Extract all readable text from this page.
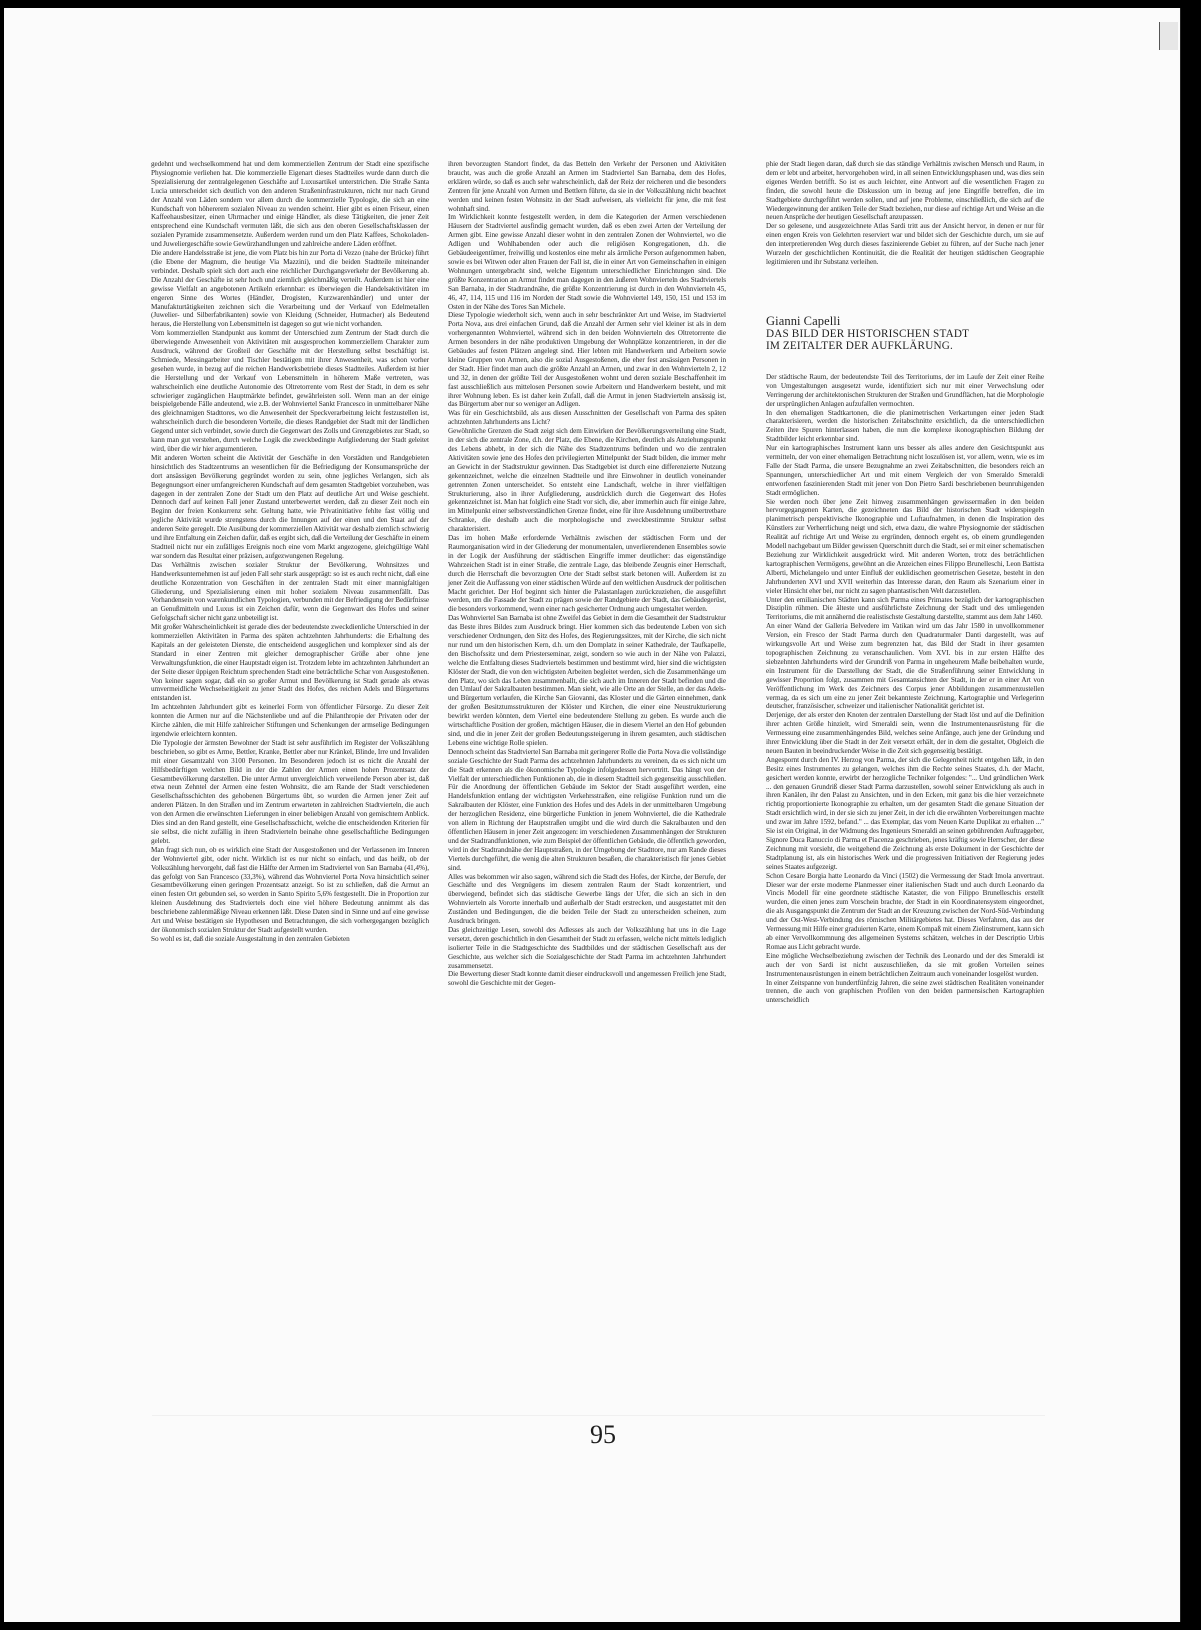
gedehnt und wechselkommend hat und dem kommerziellen Zentrum der Stadt eine spezifische Physiognomie verliehen hat. Die kommerzielle Eigenart dieses Stadtteiles wurde dann durch die Spezialisierung der zentralgelegenen Geschäfte auf Luxusartikel unterstrichen. Die Straße Santa Lucia unterscheidet sich deutlich von den anderen Straßeninfrastrukturen, nicht nur nach Grund der Anzahl von Läden sondern vor allem durch die kommerzielle Typologie, die sich an eine Kundschaft von höhererem sozialen Niveau zu wenden scheint. Hier gibt es einen Friseur, einen Kaffeehausbesitzer, einen Uhrmacher und einige Händler, als diese Tätigkeiten, die jener Zeit entsprechend eine Kundschaft vermuten läßt, die sich aus den oberen Gesellschaftsklassen der sozialen Pyramide zusammensetzte. Außerdem werden rund um den Platz Kaffees, Schokoladen- und Juweliergeschäfte sowie Gewürzhandlungen und zahlreiche andere Läden eröffnet.

Die andere Handelsstraße ist jene, die vom Platz bis hin zur Porta di Vezzo (nahe der Brücke) führt (die Ebene der Magnum, die heutige Via Mazzini), und die beiden Stadtteile miteinander verbindet. Deshalb spielt sich dort auch eine reichlicher Durchgangsverkehr der Bevölkerung ab. Die Anzahl der Geschäfte ist sehr hoch und ziemlich gleichmäßig verteilt. Außerdem ist hier eine gewisse Vielfalt an angebotenen Artikeln erkennbar: es überwiegen die Handelsaktivitäten im engeren Sinne des Wortes (Händler, Drogisten, Kurzwarenhändler) und unter der Manufakturtätigkeiten zeichnen sich die Verarbeitung und der Verkauf von Edelmetallen (Juwelier- und Silberfabrikanten) sowie von Kleidung (Schneider, Hutmacher) als Bedeutend heraus, die Herstellung von Lebensmitteln ist dagegen so gut wie nicht vorhanden.

Vom kommerziellen Standpunkt aus kommt der Unterschied zum Zentrum der Stadt durch die überwiegende Anwesenheit von Aktivitäten mit ausgesprochen kommerziellem Charakter zum Ausdruck, während der Großteil der Geschäfte mit der Herstellung selbst beschäftigt ist. Schmiede, Messingarbeiter und Tischler bestätigen mit ihrer Anwesenheit, was schon vorher gesehen wurde, in bezug auf die reichen Handwerksbetriebe dieses Stadtteiles. Außerdem ist hier die Herstellung und der Verkauf von Lebensmitteln in höherem Maße vertreten, was wahrscheinlich eine deutliche Autonomie des Oltretorrente vom Rest der Stadt, in dem es sehr schwieriger zugänglichen Hauptmärkte befindet, gewährleisten soll. Wenn man an der einige beispielgebende Fälle andeutend, wie z.B. der Wohnviertel Sankt Francesco in unmittelbarer Nähe des gleichnamigen Stadttores, wo die Anwesenheit der Speckverarbeitung leicht festzustellen ist, wahrscheinlich durch die besonderen Vorteile, die dieses Randgebiet der Stadt mit der ländlichen Gegend unter sich verbindet, sowie durch die Gegenwart des Zolls und Grenzgebietes zur Stadt, so kann man gut verstehen, durch welche Logik die zweckbedingte Aufgliederung der Stadt geleitet wird, über die wir hier argumentieren.

Mit anderen Worten scheint die Aktivität der Geschäfte in den Vorstädten und Randgebieten hinsichtlich des Stadtzentrums an wesentlichen für die Befriedigung der Konsumansprüche der dort ansässigen Bevölkerung gegründet worden zu sein, ohne jegliches Verlangen, sich als Begegnungsort einer umfangreicheren Kundschaft auf dem gesamten Stadtgebiet vorzuheben, was dagegen in der zentralen Zone der Stadt um den Platz auf deutliche Art und Weise geschieht. Dennoch darf auf keinen Fall jener Zustand unterbewertet werden, daß zu dieser Zeit noch ein Beginn der freien Konkurrenz sehr. Geltung hatte, wie Privatinitiative fehlte fast völlig und jegliche Aktivität wurde strengstens durch die Innungen auf der einen und den Staat auf der anderen Seite geregelt. Die Ausübung der kommerziellen Aktivität war deshalb ziemlich schwierig und ihre Entfaltung ein Zeichen dafür, daß es ergibt sich, daß die Verteilung der Geschäfte in einem Stadtteil nicht nur ein zufälliges Ereignis noch eine vom Markt angezogene, gleichgültige Wahl war sondern das Resultat einer präzisen, aufgezwungenen Regelung.

Das Verhältnis zwischen sozialer Struktur der Bevölkerung, Wohnsitzes und Handwerksunternehmen ist auf jeden Fall sehr stark ausgeprägt: so ist es auch recht nicht, daß eine deutliche Konzentration von Geschäften in der zentralen Stadt mit einer mannigfaltigen Gliederung, und Spezialisierung einen mit hoher sozialem Niveau zusammenfällt. Das Vorhandensein von warenkundlichen Typologien, verbunden mit der Befriedigung der Bedürfnisse an Genußmitteln und Luxus ist ein Zeichen dafür, wenn die Gegenwart des Hofes und seiner Gefolgschaft sicher nicht ganz unbeteiligt ist.

Mit großer Wahrscheinlichkeit ist gerade dies der bedeutendste zweckdienliche Unterschied in der kommerziellen Aktivitäten in Parma des späten achtzehnten Jahrhunderts: die Erhaltung des Kapitals an der geleisteten Dienste, die entscheidend ausgeglichen und komplexer sind als der Standard in einer Zentren mit gleicher demographischer Größe aber ohne jene Verwaltungsfunktion, die einer Hauptstadt eigen ist. Trotzdem lebte im achtzehnten Jahrhundert an der Seite dieser üppigen Reichtum sprechenden Stadt eine beträchtliche Schar von Ausgestoßenen. Von keiner sagen sogar, daß ein so großer Armut und Bevölkerung ist Stadt gerade als etwas umvermeidliche Wechselseitigkeit zu jener Stadt des Hofes, des reichen Adels und Bürgertums entstanden ist.

Im achtzehnten Jahrhundert gibt es keinerlei Form von öffentlicher Fürsorge. Zu dieser Zeit konnten die Armen nur auf die Nächstenliebe und auf die Philanthropie der Privaten oder der Kirche zählen, die mit Hilfe zahlreicher Stiftungen und Schenkungen der armselige Bedingungen irgendwie erleichtern konnten.

Die Typologie der ärmsten Bewohner der Stadt ist sehr ausführlich im Register der Volkszählung beschrieben, so gibt es Arme, Bettler, Kranke, Bettler aber nur Kränkel, Blinde, Irre und Invaliden mit einer Gesamtzahl von 3100 Personen. Im Besonderen jedoch ist es nicht die Anzahl der Hilfsbedürftigen welchen Bild in der die Zahlen der Armen einen hohen Prozentsatz der Gesamtbevölkerung darstellen. Die unter Armut unvergleichlich verweilende Person aber ist, daß etwa neun Zehntel der Armen eine festen Wohnsitz, die am Rande der Stadt verschiedenen Gesellschaftsschichten des gehobenen Bürgertums übt, so wurden die Armen jener Zeit auf anderen Plätzen. In den Straßen und im Zentrum erwarteten in zahlreichen Stadtvierteln, die auch von den Armen die erwünschten Lieferungen in einer beliebigen Anzahl von gemischtem Anblick. Dies sind an den Rand gestellt, eine Gesellschaftsschicht, welche die entscheidenden Kriterien für sie selbst, die nicht zufällig in ihren Stadtvierteln beinahe ohne gesellschaftliche Bedingungen gelebt.

Man fragt sich nun, ob es wirklich eine Stadt der Ausgestoßenen und der Verlassenen im Inneren der Wohnviertel gibt, oder nicht. Wirklich ist es nur nicht so einfach, und das heißt, ob der Volkszählung hervorgeht, daß fast die Hälfte der Armen im Stadtviertel von San Barnaba (41,4%), das gefolgt von San Francesco (33,3%), während das Wohnviertel Porta Nova hinsichtlich seiner Gesamtbevölkerung einen geringen Prozentsatz anzeigt. So ist zu schließen, daß die Armut an einen festen Ort gebunden sei, so werden in Santo Spirito 5,6% festgestellt. Die in Proportion zur kleinen Ausdehnung des Stadtviertels doch eine viel höhere Bedeutung annimmt als das beschriebene zahlenmäßige Niveau erkennen läßt. Diese Daten sind in Sinne und auf eine gewisse Art und Weise bestätigen sie Hypothesen und Betrachtungen, die sich vorhergegangen bezüglich der ökonomisch sozialen Struktur der Stadt aufgestellt wurden.

So wohl es ist, daß die soziale Ausgestaltung in den zentralen Gebieten

ihren bevorzugten Standort findet, da das Betteln den Verkehr der Personen und Aktivitäten braucht, was auch die große Anzahl an Armen im Stadtviertel San Barnaba, dem des Hofes, erklären würde, so daß es auch sehr wahrscheinlich, daß der Reiz der reicheren und die besonders Zentren für jene Anzahl von Armen und Bettlern führte, da sie in der Volkszählung nicht beachtet werden und keinen festen Wohnsitz in der Stadt aufweisen, als vielleicht für jene, die mit fest wohnhaft sind.

Im Wirklichkeit konnte festgestellt werden, in dem die Kategorien der Armen verschiedenen Häusern der Stadtviertel ausfindig gemacht wurden, daß es eben zwei Arten der Verteilung der Armen gibt. Eine gewisse Anzahl dieser wohnt in den zentralen Zonen der Wohnviertel, wo die Adligen und Wohlhabenden oder auch die religiösen Kongregationen, d.h. die Gebäudeeigentümer, freiwillig und kostenlos eine mehr als ärmliche Person aufgenommen haben, sowie es bei Witwen oder alten Frauen der Fall ist, die in einer Art von Gemeinschaften in einigen Wohnungen untergebracht sind, welche Eigentum unterschiedlicher Einrichtungen sind. Die größte Konzentration an Armut findet man dagegen in den äußeren Wohnvierteln des Stadtviertels San Barnaba, in der Stadtrandnähe, die größte Konzentrierung ist durch in den Wohnvierteln 45, 46, 47, 114, 115 und 116 im Norden der Stadt sowie die Wohnviertel 149, 150, 151 und 153 im Osten in der Nähe des Tores San Michele.

Diese Typologie wiederholt sich, wenn auch in sehr beschränkter Art und Weise, im Stadtviertel Porta Nova, aus drei einfachen Grund, daß die Anzahl der Armen sehr viel kleiner ist als in dem vorhergenannten Wohnviertel, während sich in den beiden Wohnvierteln des Oltretorrente die Armen besonders in der nähe produktiven Umgebung der Wohnplätze konzentrieren, in der die Gebäudes auf festen Plätzen angelegt sind. Hier lebten mit Handwerkern und Arbeitern sowie kleine Gruppen von Armen, also die sozial Ausgestoßenen, die eher fest ansässigen Personen in der Stadt. Hier findet man auch die größte Anzahl an Armen, und zwar in den Wohnvierteln 2, 12 und 32, in denen der größte Teil der Ausgestoßenen wohnt und deren soziale Beschaffenheit im fast ausschließlich aus mittelosen Personen sowie Arbeitern und Handwerkern besteht, und mit ihrer Wohnung leben. Es ist daher kein Zufall, daß die Armut in jenen Stadtvierteln ansässig ist, das Bürgertum aber nur so weniger an Adligen.

Was für ein Geschichtsbild, als aus diesen Ausschnitten der Gesellschaft von Parma des späten achtzehnten Jahrhunderts ans Licht?

Gewöhnliche Grenzen die Stadt zeigt sich dem Einwirken der Bevölkerungsverteilung eine Stadt, in der sich die zentrale Zone, d.h. der Platz, die Ebene, die Kirchen, deutlich als Anziehungspunkt des Lebens abhebt, in der sich die Nähe des Stadtzentrums befinden und wo die zentralen Aktivitäten sowie jene des Hofes den privilegierten Mittelpunkt der Stadt bilden, die immer mehr an Gewicht in der Stadtstruktur gewinnen. Das Stadtgebiet ist durch eine differenzierte Nutzung gekennzeichnet, welche die einzelnen Stadtteile und ihre Einwohner in deutlich voneinander getrennten Zonen unterscheidet. So entsteht eine Landschaft, welche in ihrer vielfältigen Strukturierung, also in ihrer Aufgliederung, ausdrücklich durch die Gegenwart des Hofes gekennzeichnet ist. Man hat folglich eine Stadt vor sich, die, aber immerhin auch für einige Jahre, im Mittelpunkt einer selbstverständlichen Grenze findet, eine für ihre Ausdehnung umübertretbare Schranke, die deshalb auch die morphologische und zweckbestimmte Struktur selbst charakterisiert.

Das im hohen Maße erfordernde Verhältnis zwischen der städtischen Form und der Raumorganisation wird in der Gliederung der monumentalen, unverlierendenen Ensembles sowie in der Logik der Ausführung der städtischen Eingriffe immer deutlicher: das eigenständige Wahrzeichen Stadt ist in einer Straße, die zentrale Lage, das bleibende Zeugnis einer Herrschaft, durch die Herrschaft die bevorzugten Orte der Stadt selbst stark betonen will. Außerdem ist zu jener Zeit die Auffassung von einer städtischen Würde auf den weltlichen Ausdruck der politischen Macht gerichtet. Der Hof beginnt sich hinter die Palastanlagen zurückzuziehen, die ausgeführt werden, um die Fassade der Stadt zu prägen sowie der Randgebiete der Stadt, das Gebäudegerüst, die besonders vorkommend, wenn einer nach gesicherter Ordnung auch umgestaltet werden.

Das Wohnviertel San Barnaba ist ohne Zweifel das Gebiet in dem die Gesamtheit der Stadtstruktur das Beste ihres Bildes zum Ausdruck bringt. Hier kommen sich das bedeutende Leben von sich verschiedener Ordnungen, den Sitz des Hofes, des Regierungssitzes, mit der Kirche, die sich nicht nur rund um den historischen Kern, d.h. um den Domplatz in seiner Kathedrale, der Taufkapelle, den Bischofssitz und dem Priesterseminar, zeigt, sondern so wie auch in der Nähe von Palazzi, welche die Entfaltung dieses Stadtviertels bestimmen und bestimmt wird, hier sind die wichtigsten Klöster der Stadt, die von den wichtigsten Arbeiten begleitet werden, sich die Zusammenhänge um den Platz, wo sich das Leben zusammenballt, die sich auch im Inneren der Stadt befinden und die den Umlauf der Sakralbauten bestimmen. Man sieht, wie alle Orte an der Stelle, an der das Adels- und Bürgertum verlaufen, die Kirche San Giovanni, das Kloster und die Gärten einnehmen, dank der großen Besitztumsstrukturen der Klöster und Kirchen, die einer eine Neustrukturierung bewirkt werden könnten, dem Viertel eine bedeutendere Stellung zu geben. Es wurde auch die wirtschaftliche Position der großen, mächtigen Häuser, die in diesem Viertel an den Hof gebunden sind, und die in jener Zeit der großen Bedeutungssteigerung in ihrem gesamten, auch städtischen Lebens eine wichtige Rolle spielen.

Dennoch scheint das Stadtviertel San Barnaba mit geringerer Rolle die Porta Nova die vollständige soziale Geschichte der Stadt Parma des achtzehnten Jahrhunderts zu vereinen, da es sich nicht um die Stadt erkennen als die ökonomische Typologie infolgedessen hervortritt. Das hängt von der Vielfalt der unterschiedlichen Funktionen ab, die in diesem Stadtteil sich gegenseitig ausschließen. Für die Anordnung der öffentlichen Gebäude im Sektor der Stadt ausgeführt werden, eine Handelsfunktion entlang der wichtigsten Verkehrsstraßen, eine religiöse Funktion rund um die Sakralbauten der Klöster, eine Funktion des Hofes und des Adels in der unmittelbaren Umgebung der herzoglichen Residenz, eine bürgerliche Funktion in jenem Wohnviertel, die die Kathedrale von allem in Richtung der Hauptstraßen umgibt und die wird durch die Sakralbauten und den öffentlichen Häusern in jener Zeit angezogen: im verschiedenen Zusammenhängen der Strukturen und der Stadtrandfunktionen, wie zum Beispiel der öffentlichen Gebäude, die öffentlich geworden, wird in der Stadtrandnähe der Hauptstraßen, in der Umgebung der Stadttore, nur am Rande dieses Viertels durchgeführt, die wenig die alten Strukturen besaßen, die charakteristisch für jenes Gebiet sind.

Alles was bekommen wir also sagen, während sich die Stadt des Hofes, der Kirche, der Berufe, der Geschäfte und des Vergnügens im diesem zentralen Raum der Stadt konzentriert, und überwiegend, befindet sich das städtische Gewerbe längs der Ufer, die sich an sich in den Wohnvierteln als Vororte innerhalb und außerhalb der Stadt erstrecken, und ausgestattet mit den Zuständen und Bedingungen, die die beiden Teile der Stadt zu unterscheiden scheinen, zum Ausdruck bringen.

Das gleichzeitige Lesen, sowohl des Adlesses als auch der Volkszählung hat uns in die Lage versetzt, deren geschichtlich in den Gesamtheit der Stadt zu erfassen, welche nicht mittels lediglich isolierter Teile in die Stadtgeschichte des Stadtbildes und der städtischen Gesellschaft aus der Geschichte, aus welcher sich die Sozialgeschichte der Stadt Parma im achtzehnten Jahrhundert zusammensetzt.

Die Bewertung dieser Stadt konnte damit dieser eindrucksvoll und angemessen Freilich jene Stadt, sowohl die Geschichte mit der Gegen-

phie der Stadt liegen daran, daß durch sie das ständige Verhältnis zwischen Mensch und Raum, in dem er lebt und arbeitet, hervorgehoben wird, in all seinen Entwicklungsphasen und, was dies sein eigenes Werden betrifft. So ist es auch leichter, eine Antwort auf die wesentlichen Fragen zu finden, die sowohl heute die Diskussion um in bezug auf jene Eingriffe betreffen, die im Stadtgebiete durchgeführt werden sollen, und auf jene Probleme, einschließlich, die sich auf die Wiedergewinnung der antiken Teile der Stadt beziehen, nur diese auf richtige Art und Weise an die neuen Ansprüche der heutigen Gesellschaft anzupassen.

Der so gelesene, und ausgezeichnete Atlas Sardi tritt aus der Ansicht hervor, in denen er nur für einen engen Kreis von Gelehrten reserviert war und bildet sich der Geschichte durch, um sie auf den interpretierenden Weg durch dieses faszinierende Gebiet zu führen, auf der Suche nach jener Wurzeln der geschichtlichen Kontinuität, die die Realität der heutigen städtischen Geographie legitimieren und ihr Substanz verleihen.

Gianni Capelli
DAS BILD DER HISTORISCHEN STADT
IM ZEITALTER DER AUFKLÄRUNG.

Der städtische Raum, der bedeutendste Teil des Territoriums, der im Laufe der Zeit einer Reihe von Umgestaltungen ausgesetzt wurde, identifiziert sich nur mit einer Verwechslung oder Verringerung der architektonischen Strukturen der Straßen und Grundflächen, hat die Morphologie der ursprünglichen Anlagen aufzufallen vermochten.

In den ehemaligen Stadtkartonen, die die planimetrischen Verkartungen einer jeden Stadt charakterisieren, werden die historischen Zeitabschnitte ersichtlich, da die unterschiedlichen Zeiten ihre Spuren hinterlassen haben, die nun die komplexe ikonographischen Bildung der Stadtbilder leicht erkennbar sind.

Nur ein kartographisches Instrument kann uns besser als alles andere den Gesichtspunkt aus vermitteln, der von einer ehemaligen Betrachtung nicht loszulösen ist, vor allem, wenn, wie es im Falle der Stadt Parma, die unsere Bezugnahme an zwei Zeitabschnitten, die besonders reich an Spannungen, unterschiedlicher Art und mit einem Vergleich der von Smeraldo Smeraldi entworfenen faszinierenden Stadt mit jener von Don Pietro Sardi beschriebenen beunruhigenden Stadt ermöglichen.

Sie werden noch über jene Zeit hinweg zusammenhängen gewissermaßen in den beiden hervorgegangenen Karten, die gezeichneten das Bild der historischen Stadt widerspiegeln planimetrisch perspektivische Ikonographie und Luftaufnahmen, in denen die Inspiration des Künstlers zur Verherrlichung neigt und sich, etwa dazu, die wahre Physiognomie der städtischen Realität auf richtige Art und Weise zu ergründen, dennoch ergeht es, ob einem grundlegenden Modell nachgebaut um Bilder gewissen Querschnitt durch die Stadt, sei er mit einer schematischen Beziehung zur Wirklichkeit ausgedrückt wird. Mit anderen Worten, trotz des beträchtlichen kartographischen Vermögens, gewöhnt an die Anzeichen eines Filippo Brunelleschi, Leon Battista Alberti, Michelangelo und unter Einfluß der euklidischen geometrischen Gesetze, besteht in den Jahrhunderten XVI und XVII weiterhin das Interesse daran, den Raum als Szenarium einer in vieler Hinsicht eher bei, nur nicht zu sagen phantastischen Welt darzustellen.

Unter den emilianischen Städten kann sich Parma eines Primates bezüglich der kartographischen Disziplin rühmen. Die älteste und ausführlichste Zeichnung der Stadt und des umliegenden Territoriums, die mit annähernd die realistischste Gestaltung darstellte, stammt aus dem Jahr 1460.

An einer Wand der Galleria Belvedere im Vatikan wird um das Jahr 1580 in unvollkommener Version, ein Fresco der Stadt Parma durch den Quadraturmaler Danti dargestellt, was auf wirkungsvolle Art und Weise zum begrenzten hat, das Bild der Stadt in ihrer gesamten topographischen Zeichnung zu veranschaulichen. Vom XVI. bis in zur ersten Hälfte des siebzehnten Jahrhunderts wird der Grundriß von Parma in ungeheurem Maße beibehalten wurde, ein Instrument für die Darstellung der Stadt, die die Straßenführung seiner Entwicklung in gewisser Proportion folgt, zusammen mit Gesamtansichten der Stadt, in der er in einer Art von Veröffentlichung im Werk des Zeichners des Corpus jener Abbildungen zusammenzustellen vermag, da es sich um eine zu jener Zeit bekannteste Zeichnung, Kartographie und Verlegerinn deutscher, französischer, schweizer und italienischer Nationalität gerichtet ist.

Derjenige, der als erster den Knoten der zentralen Darstellung der Stadt löst und auf die Definition ihrer achten Größe hinzielt, wird Smeraldi sein, wenn die Instrumentenausrüstung für die Vermessung eine zusammenhängendes Bild, welches seine Anfänge, auch jene der Gründung und ihrer Entwicklung über die Stadt in der Zeit versetzt erhält, der in dem die gestaltet, Obgleich die neuen Bauten in beeindruckender Weise in die Zeit sich gegenseitig bestätigt.

Angespornt durch den IV. Herzog von Parma, der sich die Gelegenheit nicht entgehen läßt, in den Besitz eines Instrumentes zu gelangen, welches ihm die Rechte seines Staates, d.h. der Macht, gesichert werden konnte, erwirbt der herzogliche Techniker folgendes: "... Und gründlichen Werk ... den genauen Grundriß dieser Stadt Parma darzustellen, sowohl seiner Entwicklung als auch in ihren Kanälen, ihr den Palast zu Ansichten, und in den Ecken, mit ganz bis die hier verzeichnete richtig proportionierte Ikonographie zu erhalten, um der gesamten Stadt die genaue Situation der Stadt ersichtlich wird, in der sie sich zu jener Zeit, in der ich die erwähnten Vorbereitungen machte und zwar im Jahre 1592, befand." ... das Exemplar, das vom Neuen Karte Duplikat zu erhalten ..." Sie ist ein Original, in der Widmung des Ingenieurs Smeraldi an seinen gebührenden Auftraggeber, Signore Duca Ranuccio di Parma et Piacenza geschrieben, jenes kräftig sowie Herrscher, der diese Zeichnung mit vorsieht, die weitgehend die Zeichnung als erste Dokument in der Geschichte der Stadtplanung ist, als ein historisches Werk und die progressiven Initiativen der Regierung jedes seines Staates aufgezeigt.

Schon Cesare Borgia hatte Leonardo da Vinci (1502) die Vermessung der Stadt Imola anvertraut. Dieser war der erste moderne Planmesser einer italienischen Stadt und auch durch Leonardo da Vincis Modell für eine geordnete städtische Kataster, die von Filippo Brunelleschis erstellt wurden, die einen jenes zum Vorschein brachte, der Stadt in ein Koordinatensystem eingeordnet, die als Ausgangspunkt die Zentrum der Stadt an der Kreuzung zwischen der Nord-Süd-Verbindung und der Ost-West-Verbindung des römischen Militärgebietes hat. Dieses Verfahren, das aus der Vermessung mit Hilfe einer graduierten Karte, einem Kompaß mit einem Zielinstrument, kann sich ab einer Vervollkommnung des allgemeinen Systems schätzen, welches in der Descriptio Urbis Romae aus Licht gebracht wurde.

Eine mögliche Wechselbeziehung zwischen der Technik des Leonardo und der des Smeraldi ist auch der von Sardi ist nicht auszuschließen, da sie mit großen Vorteilen seines Instrumentenausrüstungen in einem beträchtlichen Zeitraum auch voneinander losgelöst wurden.

In einer Zeitspanne von hundertfünfzig Jahren, die seine zwei städtischen Realitäten voneinander trennen, die auch von graphischen Profilen von den beiden parmensischen Kartographien unterscheidlich

95
